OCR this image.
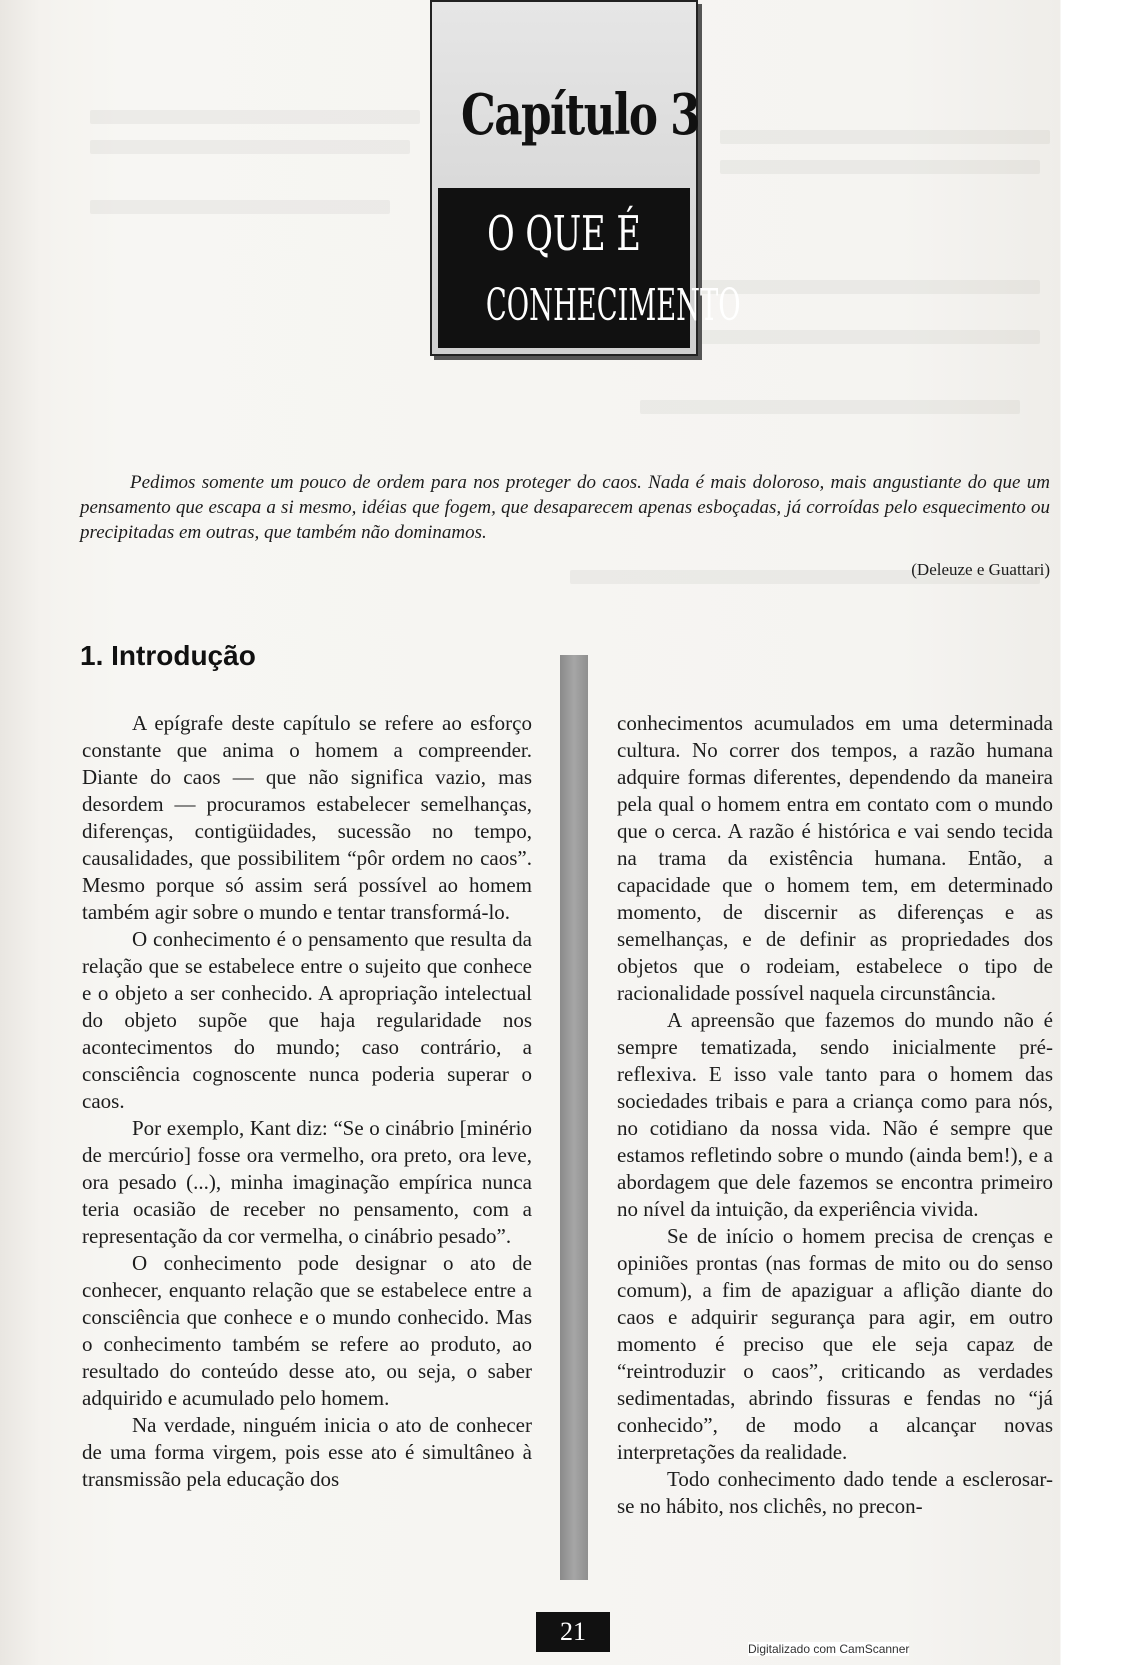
Capítulo 3
O QUE É
CONHECIMENTO
Pedimos somente um pouco de ordem para nos proteger do caos. Nada é mais doloroso, mais angustiante do que um pensamento que escapa a si mesmo, idéias que fogem, que desaparecem apenas esboçadas, já corroídas pelo esquecimento ou precipitadas em outras, que também não dominamos.
(Deleuze e Guattari)
1. Introdução

A epígrafe deste capítulo se refere ao esforço constante que anima o homem a compreender. Diante do caos — que não significa vazio, mas desordem — procuramos estabelecer semelhanças, diferenças, contigüidades, sucessão no tempo, causalidades, que possibilitem “pôr ordem no caos”. Mesmo porque só assim será possível ao homem também agir sobre o mundo e tentar transformá-lo.

O conhecimento é o pensamento que resulta da relação que se estabelece entre o sujeito que conhece e o objeto a ser conhecido. A apropriação intelectual do objeto supõe que haja regularidade nos acontecimentos do mundo; caso contrário, a consciência cognoscente nunca poderia superar o caos.

Por exemplo, Kant diz: “Se o cinábrio [minério de mercúrio] fosse ora vermelho, ora preto, ora leve, ora pesado (...), minha imaginação empírica nunca teria ocasião de receber no pensamento, com a representação da cor vermelha, o cinábrio pesado”.

O conhecimento pode designar o ato de conhecer, enquanto relação que se estabelece entre a consciência que conhece e o mundo conhecido. Mas o conhecimento também se refere ao produto, ao resultado do conteúdo desse ato, ou seja, o saber adquirido e acumulado pelo homem.

Na verdade, ninguém inicia o ato de conhecer de uma forma virgem, pois esse ato é simultâneo à transmissão pela educação dos

conhecimentos acumulados em uma determinada cultura. No correr dos tempos, a razão humana adquire formas diferentes, dependendo da maneira pela qual o homem entra em contato com o mundo que o cerca. A razão é histórica e vai sendo tecida na trama da existência humana. Então, a capacidade que o homem tem, em determinado momento, de discernir as diferenças e as semelhanças, e de definir as propriedades dos objetos que o rodeiam, estabelece o tipo de racionalidade possível naquela circunstância.

A apreensão que fazemos do mundo não é sempre tematizada, sendo inicialmente pré-reflexiva. E isso vale tanto para o homem das sociedades tribais e para a criança como para nós, no cotidiano da nossa vida. Não é sempre que estamos refletindo sobre o mundo (ainda bem!), e a abordagem que dele fazemos se encontra primeiro no nível da intuição, da experiência vivida.

Se de início o homem precisa de crenças e opiniões prontas (nas formas de mito ou do senso comum), a fim de apaziguar a aflição diante do caos e adquirir segurança para agir, em outro momento é preciso que ele seja capaz de “reintroduzir o caos”, criticando as verdades sedimentadas, abrindo fissuras e fendas no “já conhecido”, de modo a alcançar novas interpretações da realidade.

Todo conhecimento dado tende a esclerosar-se no hábito, nos clichês, no precon-

21
Digitalizado com CamScanner
